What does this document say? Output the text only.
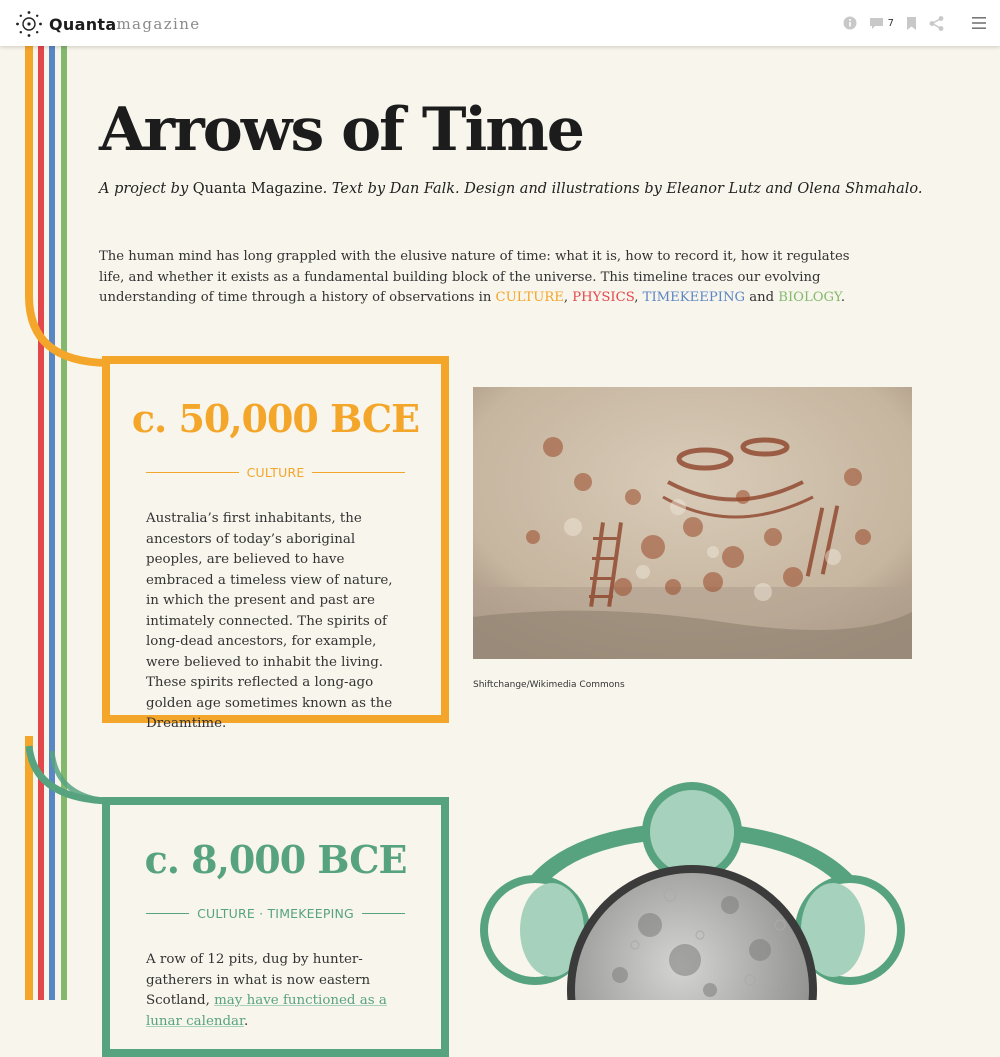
Quanta magazine	7
Arrows of Time
A project by Quanta Magazine. Text by Dan Falk. Design and illustrations by Eleanor Lutz and Olena Shmahalo.

The human mind has long grappled with the elusive nature of time: what it is, how to record it, how it regulates life, and whether it exists as a fundamental building block of the universe. This timeline traces our evolving understanding of time through a history of observations in CULTURE, PHYSICS, TIMEKEEPING and BIOLOGY.

c. 50,000 BCE
CULTURE
Australia’s first inhabitants, the ancestors of today’s aboriginal peoples, are believed to have embraced a timeless view of nature, in which the present and past are intimately connected. The spirits of long-dead ancestors, for example, were believed to inhabit the living. These spirits reflected a long-ago golden age sometimes known as the Dreamtime.
Shiftchange/Wikimedia Commons
c. 8,000 BCE
CULTURE · TIMEKEEPING
A row of 12 pits, dug by hunter-gatherers in what is now eastern Scotland, may have functioned as a lunar calendar.
